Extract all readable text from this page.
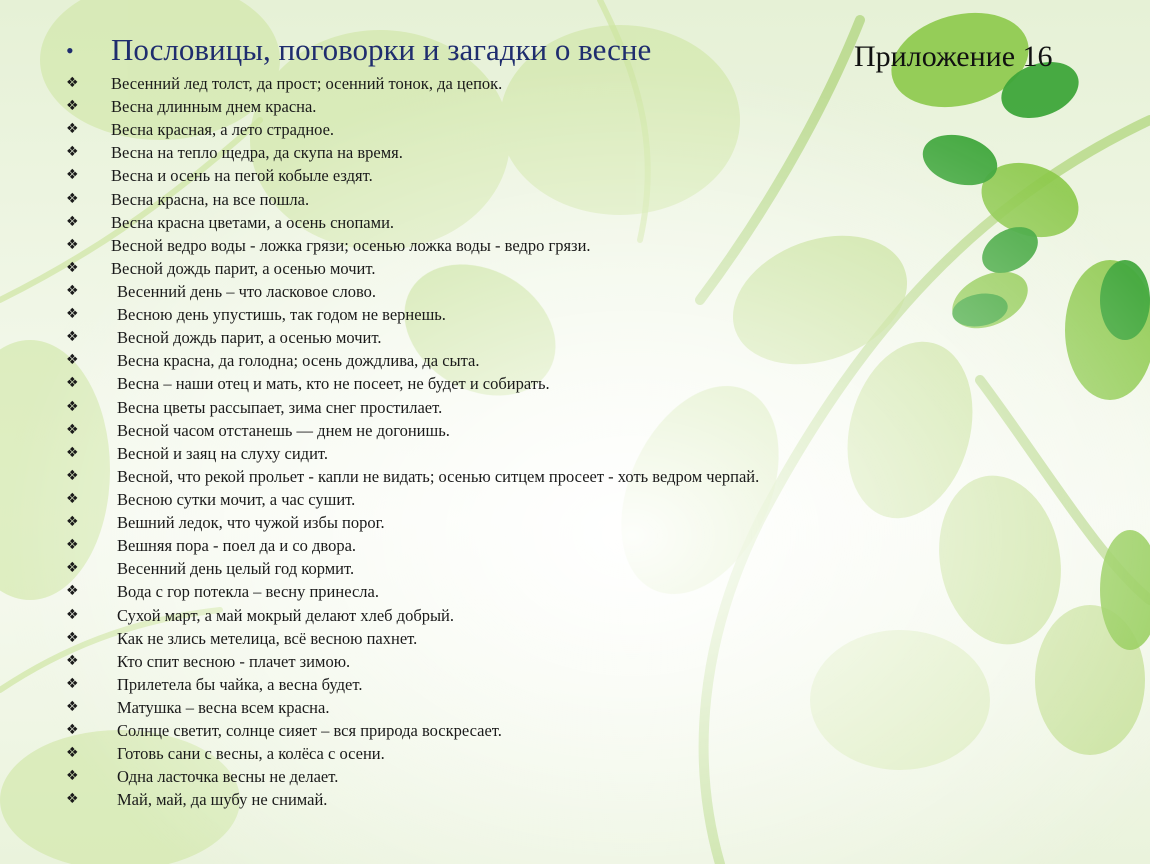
Приложение 16
• Пословицы, поговорки и загадки о весне
❖ Весенний лед толст, да прост; осенний тонок, да цепок.
❖ Весна длинным днем красна.
❖ Весна красная, а лето страдное.
❖ Весна на тепло щедра, да скупа на время.
❖ Весна и осень на пегой кобыле ездят.
❖ Весна красна, на все пошла.
❖ Весна красна цветами, а осень снопами.
❖ Весной ведро воды - ложка грязи; осенью ложка воды - ведро грязи.
❖ Весной дождь парит, а осенью мочит.
❖ Весенний день – что ласковое слово.
❖ Весною день упустишь, так годом не вернешь.
❖ Весной дождь парит, а осенью мочит.
❖ Весна красна, да голодна; осень дождлива, да сыта.
❖ Весна – наши отец и мать, кто не посеет, не будет и собирать.
❖ Весна цветы рассыпает, зима снег простилает.
❖ Весной часом отстанешь — днем не догонишь.
❖ Весной и заяц на слуху сидит.
❖ Весной, что рекой прольет - капли не видать; осенью ситцем просеет - хоть ведром черпай.
❖ Весною сутки мочит, а час сушит.
❖ Вешний ледок, что чужой избы порог.
❖ Вешняя пора - поел да и со двора.
❖ Весенний день целый год кормит.
❖ Вода с гор потекла – весну принесла.
❖ Сухой март, а май мокрый делают хлеб добрый.
❖ Как не злись метелица, всё весною пахнет.
❖ Кто спит весною - плачет зимою.
❖ Прилетела бы чайка, а весна будет.
❖ Матушка – весна всем красна.
❖ Солнце светит, солнце сияет – вся природа воскресает.
❖ Готовь сани с весны, а колёса с осени.
❖ Одна ласточка весны не делает.
❖ Май, май, да шубу не снимай.
